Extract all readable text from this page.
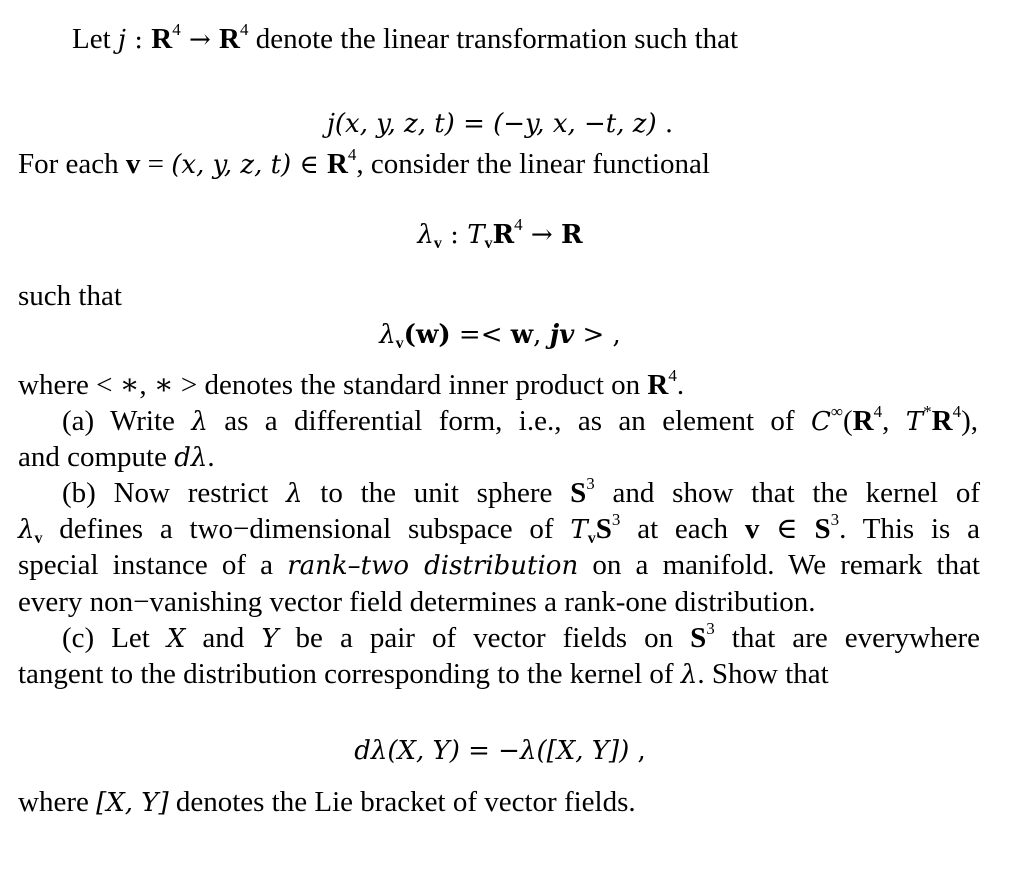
Let j : $R^4 \to R^4$ denote the linear transformation such that
j(x, y, z, t) = (−y, x, −t, z) .
For each v = (x, y, z, t) ∈ $R^4$, consider the linear functional
$\lambda_v$ : $T_vR^4 \to R$
such that
$\lambda_v(w) =< w$, jv > ,
where < ∗, ∗ > denotes the standard inner product on $R^4$.
(a) Write λ as a differential form, i.e., as an element of $C^\infty(R^4$, $T^*R^4$),
and compute dλ.
(b) Now restrict λ to the unit sphere $S^3$ and show that the kernel of
$\lambda_v$ defines a two−dimensional subspace of $T_vS^3$ at each v ∈ $S^3$. This is a
special instance of a rank–two distribution on a manifold. We remark that
every non−vanishing vector field determines a rank-one distribution.
(c) Let X and Y be a pair of vector fields on $S^3$ that are everywhere
tangent to the distribution corresponding to the kernel of λ. Show that
dλ(X, Y) = −λ([X, Y]) ,
where [X, Y] denotes the Lie bracket of vector fields.
